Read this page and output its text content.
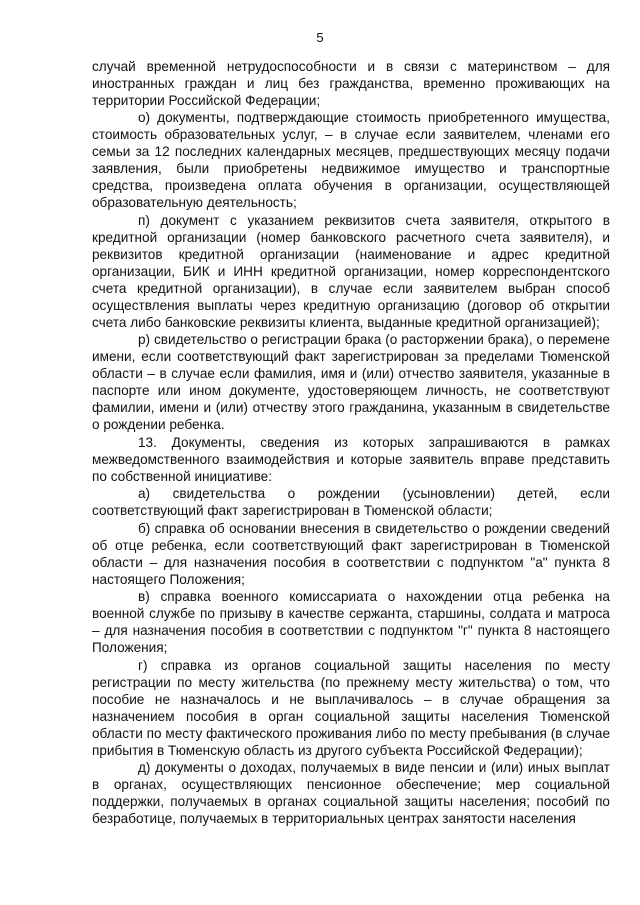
5

случай временной нетрудоспособности и в связи с материнством – для иностранных граждан и лиц без гражданства, временно проживающих на территории Российской Федерации;

о) документы, подтверждающие стоимость приобретенного имущества, стоимость образовательных услуг, – в случае если заявителем, членами его семьи за 12 последних календарных месяцев, предшествующих месяцу подачи заявления, были приобретены недвижимое имущество и транспортные средства, произведена оплата обучения в организации, осуществляющей образовательную деятельность;

п) документ с указанием реквизитов счета заявителя, открытого в кредитной организации (номер банковского расчетного счета заявителя), и реквизитов кредитной организации (наименование и адрес кредитной организации, БИК и ИНН кредитной организации, номер корреспондентского счета кредитной организации), в случае если заявителем выбран способ осуществления выплаты через кредитную организацию (договор об открытии счета либо банковские реквизиты клиента, выданные кредитной организацией);

р) свидетельство о регистрации брака (о расторжении брака), о перемене имени, если соответствующий факт зарегистрирован за пределами Тюменской области – в случае если фамилия, имя и (или) отчество заявителя, указанные в паспорте или ином документе, удостоверяющем личность, не соответствуют фамилии, имени и (или) отчеству этого гражданина, указанным в свидетельстве о рождении ребенка.

13. Документы, сведения из которых запрашиваются в рамках межведомственного взаимодействия и которые заявитель вправе представить по собственной инициативе:

а) свидетельства о рождении (усыновлении) детей, если соответствующий факт зарегистрирован в Тюменской области;

б) справка об основании внесения в свидетельство о рождении сведений об отце ребенка, если соответствующий факт зарегистрирован в Тюменской области – для назначения пособия в соответствии с подпунктом "а" пункта 8 настоящего Положения;

в) справка военного комиссариата о нахождении отца ребенка на военной службе по призыву в качестве сержанта, старшины, солдата и матроса – для назначения пособия в соответствии с подпунктом "г" пункта 8 настоящего Положения;

г) справка из органов социальной защиты населения по месту регистрации по месту жительства (по прежнему месту жительства) о том, что пособие не назначалось и не выплачивалось – в случае обращения за назначением пособия в орган социальной защиты населения Тюменской области по месту фактического проживания либо по месту пребывания (в случае прибытия в Тюменскую область из другого субъекта Российской Федерации);

д) документы о доходах, получаемых в виде пенсии и (или) иных выплат в органах, осуществляющих пенсионное обеспечение; мер социальной поддержки, получаемых в органах социальной защиты населения; пособий по безработице, получаемых в территориальных центрах занятости населения
